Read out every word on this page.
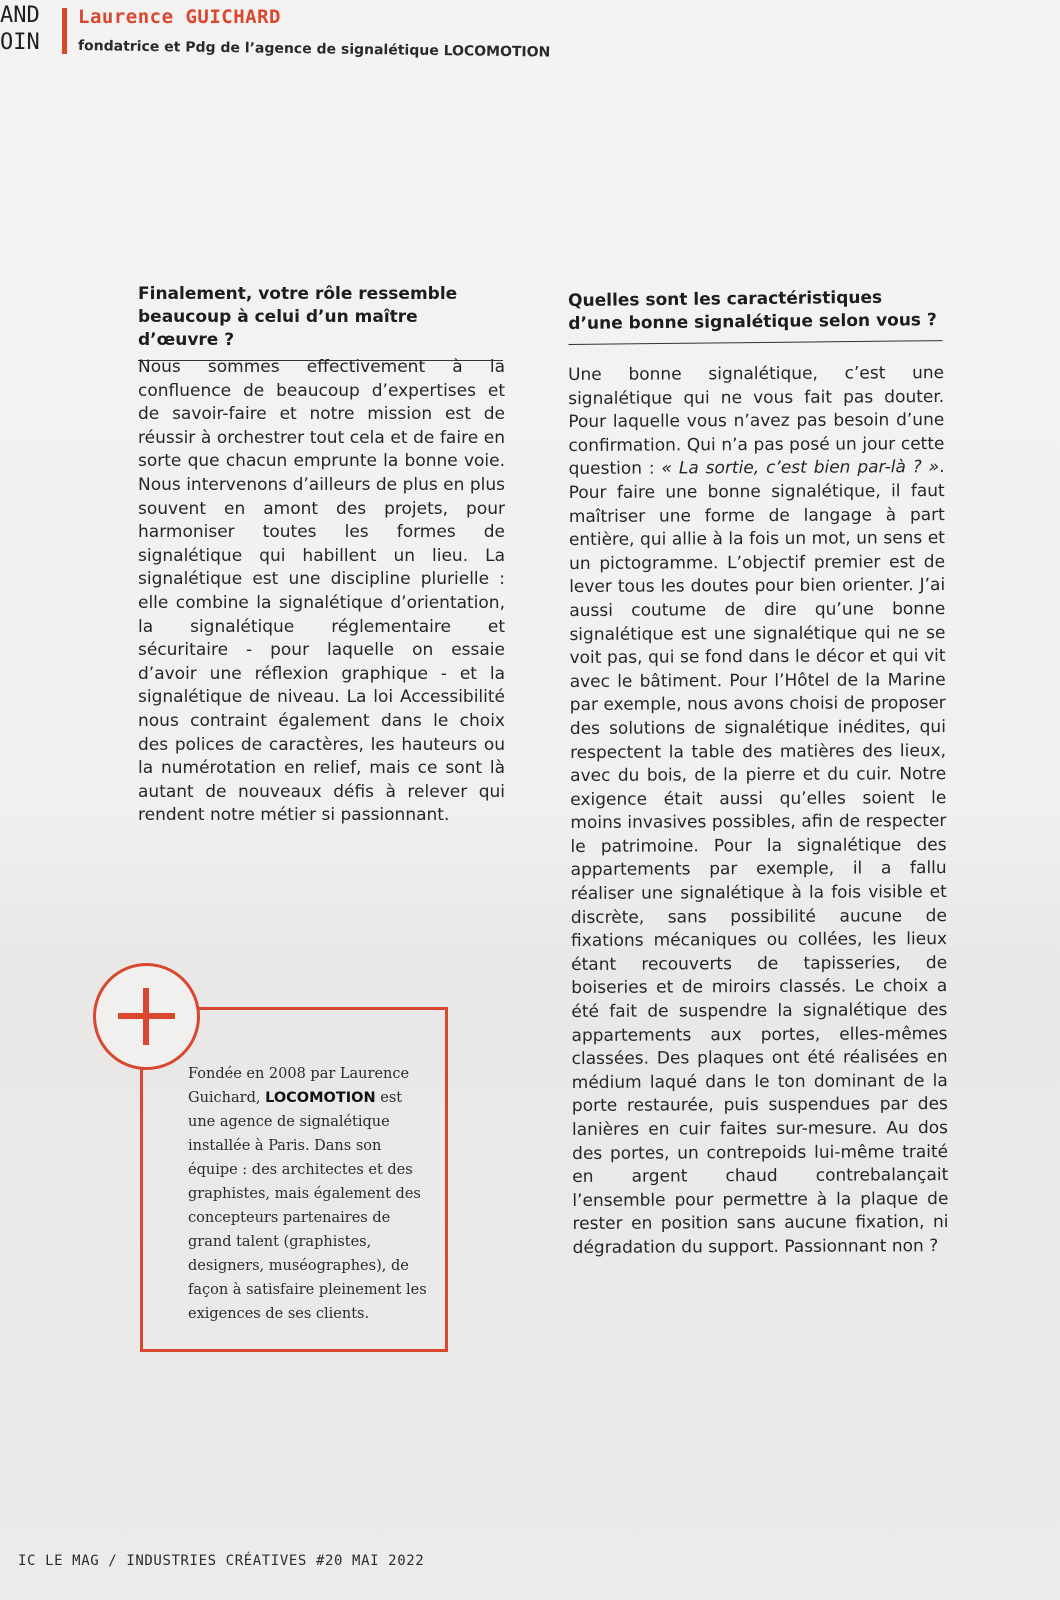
AND
OIN
Laurence GUICHARD
fondatrice et Pdg de l’agence de signalétique LOCOMOTION
Finalement, votre rôle ressemble beaucoup à celui d’un maître d’œuvre ?

Nous sommes effectivement à la confluence de beaucoup d’expertises et de savoir-faire et notre mission est de réussir à orchestrer tout cela et de faire en sorte que chacun emprunte la bonne voie. Nous intervenons d’ailleurs de plus en plus souvent en amont des projets, pour harmoniser toutes les formes de signalétique qui habillent un lieu. La signalétique est une discipline plurielle : elle combine la signalétique d’orientation, la signalétique réglementaire et sécuritaire - pour laquelle on essaie d’avoir une réflexion graphique - et la signalétique de niveau. La loi Accessibilité nous contraint également dans le choix des polices de caractères, les hauteurs ou la numérotation en relief, mais ce sont là autant de nouveaux défis à relever qui rendent notre métier si passionnant.

Quelles sont les caractéristiques d’une bonne signalétique selon vous ?

Une bonne signalétique, c’est une signalétique qui ne vous fait pas douter. Pour laquelle vous n’avez pas besoin d’une confirmation. Qui n’a pas posé un jour cette question : « La sortie, c’est bien par-là ? ». Pour faire une bonne signalétique, il faut maîtriser une forme de langage à part entière, qui allie à la fois un mot, un sens et un pictogramme. L’objectif premier est de lever tous les doutes pour bien orienter. J’ai aussi coutume de dire qu’une bonne signalétique est une signalétique qui ne se voit pas, qui se fond dans le décor et qui vit avec le bâtiment. Pour l’Hôtel de la Marine par exemple, nous avons choisi de proposer des solutions de signalétique inédites, qui respectent la table des matières des lieux, avec du bois, de la pierre et du cuir. Notre exigence était aussi qu’elles soient le moins invasives possibles, afin de respecter le patrimoine. Pour la signalétique des appartements par exemple, il a fallu réaliser une signalétique à la fois visible et discrète, sans possibilité aucune de fixations mécaniques ou collées, les lieux étant recouverts de tapisseries, de boiseries et de miroirs classés. Le choix a été fait de suspendre la signalétique des appartements aux portes, elles-mêmes classées. Des plaques ont été réalisées en médium laqué dans le ton dominant de la porte restaurée, puis suspendues par des lanières en cuir faites sur-mesure. Au dos des portes, un contrepoids lui-même traité en argent chaud contrebalançait l’ensemble pour permettre à la plaque de rester en position sans aucune fixation, ni dégradation du support. Passionnant non ?

Fondée en 2008 par Laurence Guichard, LOCOMOTION est une agence de signalétique installée à Paris. Dans son équipe : des architectes et des graphistes, mais également des concepteurs partenaires de grand talent (graphistes, designers, muséographes), de façon à satisfaire pleinement les exigences de ses clients.

IC LE MAG / INDUSTRIES CRÉATIVES #20 MAI 2022
